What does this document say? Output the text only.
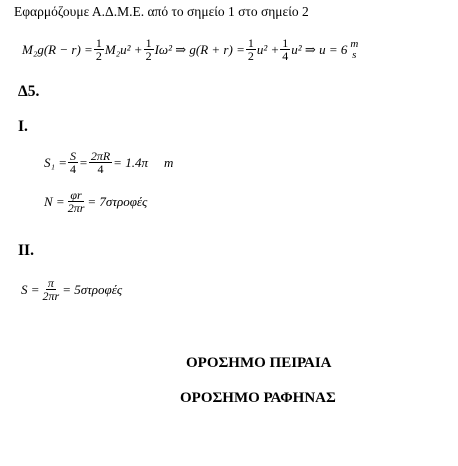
Εφαρμόζουμε Α.Δ.Μ.Ε. από το σημείο 1 στο σημείο 2
$M_2g(R - r) = \frac{1}{2} M_2u^2 + \frac{1}{2} I\omega^2$ ⇒ $g(R + r) = \frac{1}{2} u^2 + \frac{1}{4} u^2$ ⇒ u = 6 m
s
Δ5.
I.
$S_1 = \frac{S}{4} = \frac{2\pi R}{4} = 1.4\pi$ m
$N = \frac{\varphi r}{2\pi r} = 7\sigma\tau\rho o\varphi έ\varsigma$
II.
$S = \frac{\pi}{2\pi r} = 5\sigma\tau\rho o\varphi έ\varsigma$
ΟΡΟΣΗΜΟ ΠΕΙΡΑΙΑ
ΟΡΟΣΗΜΟ ΡΑΦΗΝΑΣ
